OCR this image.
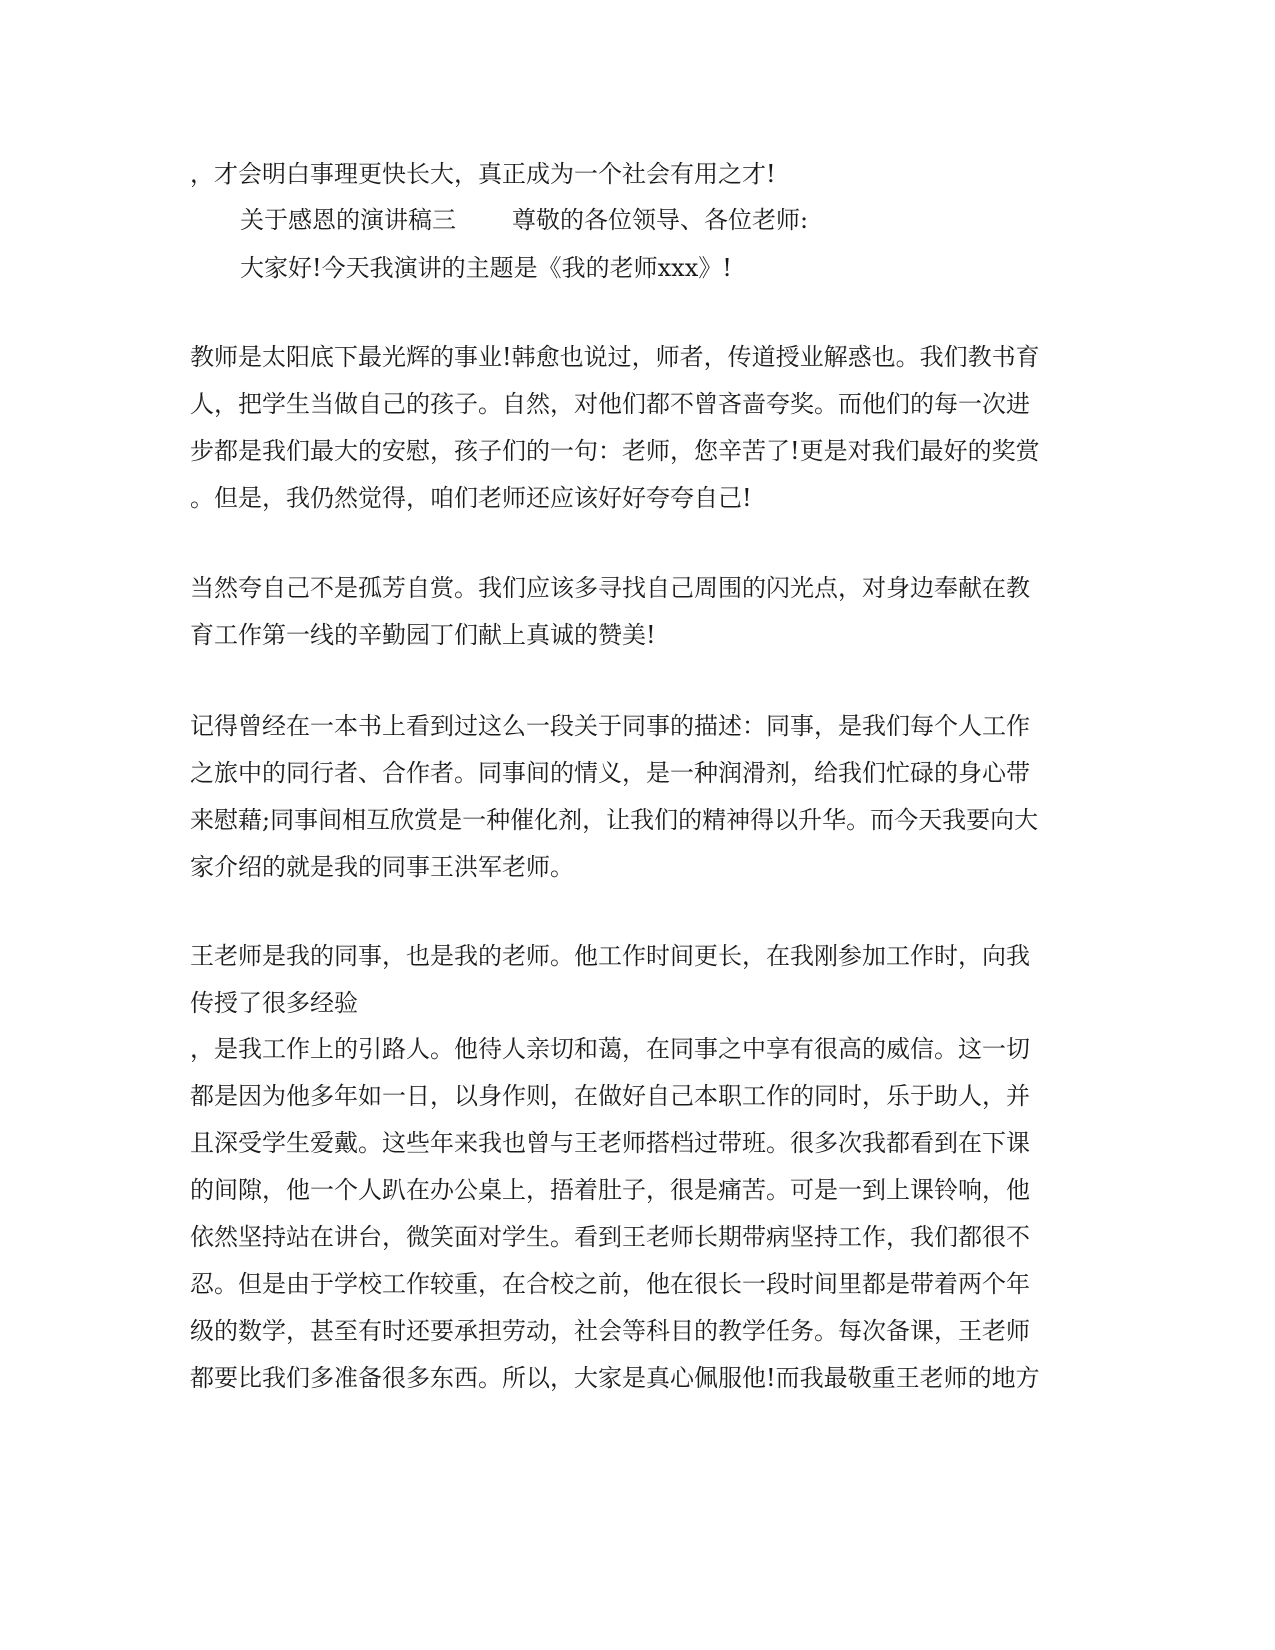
，才会明白事理更快长大，真正成为一个社会有用之才!
关于感恩的演讲稿三	尊敬的各位领导、各位老师:
大家好!今天我演讲的主题是《我的老师xxx》!
教师是太阳底下最光辉的事业!韩愈也说过，师者，传道授业解惑也。我们教书育
人，把学生当做自己的孩子。自然，对他们都不曾吝啬夸奖。而他们的每一次进
步都是我们最大的安慰，孩子们的一句：老师，您辛苦了!更是对我们最好的奖赏
。但是，我仍然觉得，咱们老师还应该好好夸夸自己!
当然夸自己不是孤芳自赏。我们应该多寻找自己周围的闪光点，对身边奉献在教
育工作第一线的辛勤园丁们献上真诚的赞美!
记得曾经在一本书上看到过这么一段关于同事的描述：同事，是我们每个人工作
之旅中的同行者、合作者。同事间的情义，是一种润滑剂，给我们忙碌的身心带
来慰藉;同事间相互欣赏是一种催化剂，让我们的精神得以升华。而今天我要向大
家介绍的就是我的同事王洪军老师。
王老师是我的同事，也是我的老师。他工作时间更长，在我刚参加工作时，向我
传授了很多经验
，是我工作上的引路人。他待人亲切和蔼，在同事之中享有很高的威信。这一切
都是因为他多年如一日，以身作则，在做好自己本职工作的同时，乐于助人，并
且深受学生爱戴。这些年来我也曾与王老师搭档过带班。很多次我都看到在下课
的间隙，他一个人趴在办公桌上，捂着肚子，很是痛苦。可是一到上课铃响，他
依然坚持站在讲台，微笑面对学生。看到王老师长期带病坚持工作，我们都很不
忍。但是由于学校工作较重，在合校之前，他在很长一段时间里都是带着两个年
级的数学，甚至有时还要承担劳动，社会等科目的教学任务。每次备课，王老师
都要比我们多准备很多东西。所以，大家是真心佩服他!而我最敬重王老师的地方
